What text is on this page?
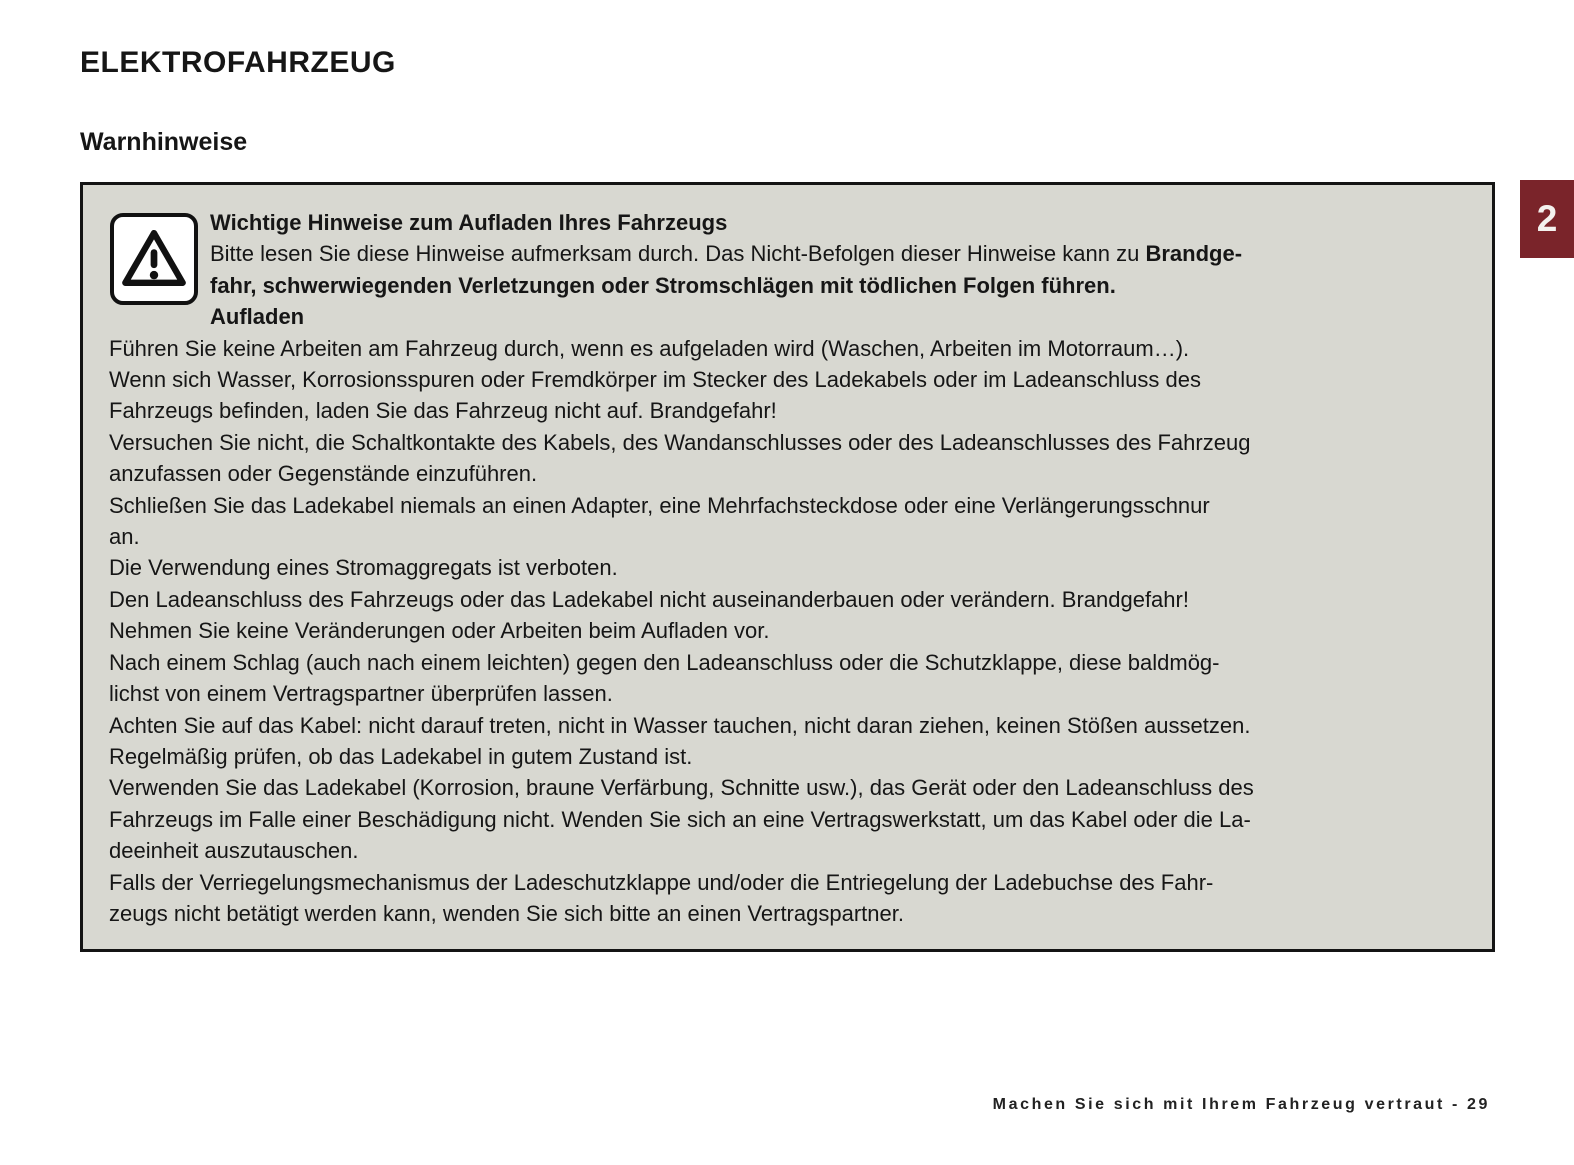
ELEKTROFAHRZEUG
Warnhinweise
Wichtige Hinweise zum Aufladen Ihres Fahrzeugs
Bitte lesen Sie diese Hinweise aufmerksam durch. Das Nicht-Befolgen dieser Hinweise kann zu Brandge-
fahr, schwerwiegenden Verletzungen oder Stromschlägen mit tödlichen Folgen führen.
Aufladen
Führen Sie keine Arbeiten am Fahrzeug durch, wenn es aufgeladen wird (Waschen, Arbeiten im Motorraum…).
Wenn sich Wasser, Korrosionsspuren oder Fremdkörper im Stecker des Ladekabels oder im Ladeanschluss des
Fahrzeugs befinden, laden Sie das Fahrzeug nicht auf. Brandgefahr!
Versuchen Sie nicht, die Schaltkontakte des Kabels, des Wandanschlusses oder des Ladeanschlusses des Fahrzeug
anzufassen oder Gegenstände einzuführen.
Schließen Sie das Ladekabel niemals an einen Adapter, eine Mehrfachsteckdose oder eine Verlängerungsschnur
an.
Die Verwendung eines Stromaggregats ist verboten.
Den Ladeanschluss des Fahrzeugs oder das Ladekabel nicht auseinanderbauen oder verändern. Brandgefahr!
Nehmen Sie keine Veränderungen oder Arbeiten beim Aufladen vor.
Nach einem Schlag (auch nach einem leichten) gegen den Ladeanschluss oder die Schutzklappe, diese baldmög-
lichst von einem Vertragspartner überprüfen lassen.
Achten Sie auf das Kabel: nicht darauf treten, nicht in Wasser tauchen, nicht daran ziehen, keinen Stößen aussetzen.
Regelmäßig prüfen, ob das Ladekabel in gutem Zustand ist.
Verwenden Sie das Ladekabel (Korrosion, braune Verfärbung, Schnitte usw.), das Gerät oder den Ladeanschluss des
Fahrzeugs im Falle einer Beschädigung nicht. Wenden Sie sich an eine Vertragswerkstatt, um das Kabel oder die La-
deeinheit auszutauschen.
Falls der Verriegelungsmechanismus der Ladeschutzklappe und/oder die Entriegelung der Ladebuchse des Fahr-
zeugs nicht betätigt werden kann, wenden Sie sich bitte an einen Vertragspartner.
2
Machen Sie sich mit Ihrem Fahrzeug vertraut - 29
